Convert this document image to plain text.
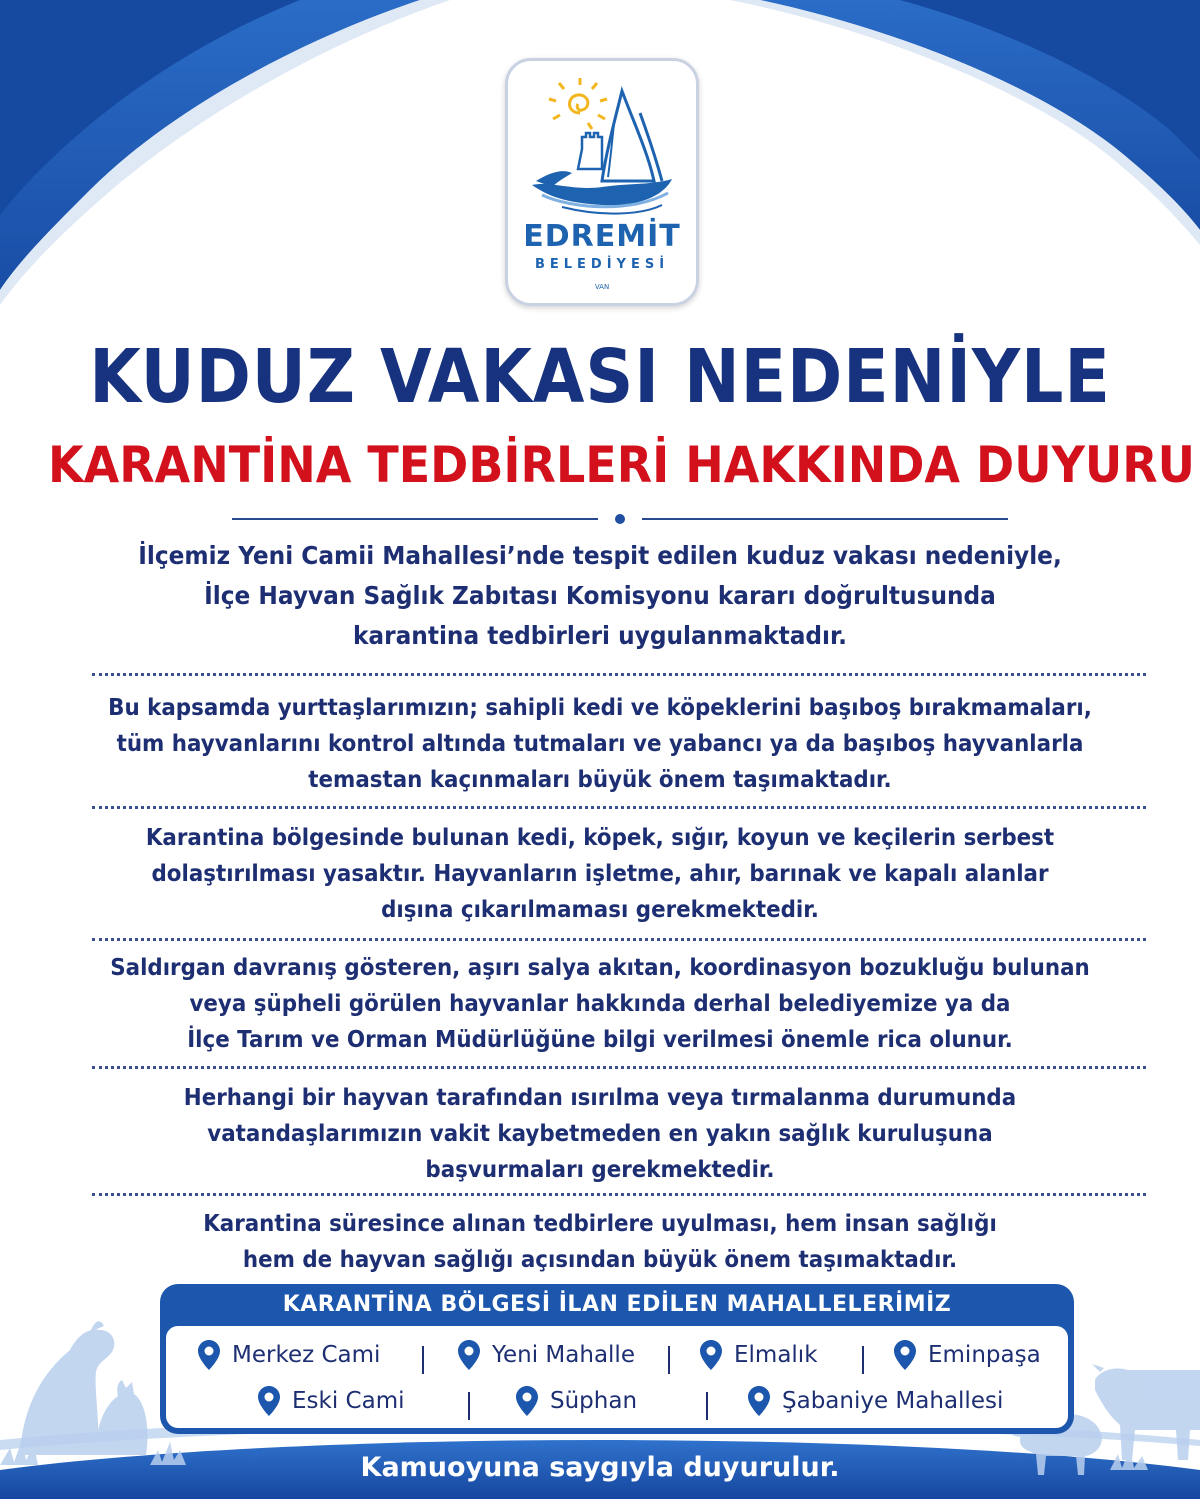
EDREMİT
BELEDİYESİ
VAN
KUDUZ VAKASI NEDENİYLE
KARANTİNA TEDBİRLERİ HAKKINDA DUYURU
İlçemiz Yeni Camii Mahallesi’nde tespit edilen kuduz vakası nedeniyle,
İlçe Hayvan Sağlık Zabıtası Komisyonu kararı doğrultusunda
karantina tedbirleri uygulanmaktadır.
Bu kapsamda yurttaşlarımızın; sahipli kedi ve köpeklerini başıboş bırakmamaları,
tüm hayvanlarını kontrol altında tutmaları ve yabancı ya da başıboş hayvanlarla
temastan kaçınmaları büyük önem taşımaktadır.
Karantina bölgesinde bulunan kedi, köpek, sığır, koyun ve keçilerin serbest
dolaştırılması yasaktır. Hayvanların işletme, ahır, barınak ve kapalı alanlar
dışına çıkarılmaması gerekmektedir.
Saldırgan davranış gösteren, aşırı salya akıtan, koordinasyon bozukluğu bulunan
veya şüpheli görülen hayvanlar hakkında derhal belediyemize ya da
İlçe Tarım ve Orman Müdürlüğüne bilgi verilmesi önemle rica olunur.
Herhangi bir hayvan tarafından ısırılma veya tırmalanma durumunda
vatandaşlarımızın vakit kaybetmeden en yakın sağlık kuruluşuna
başvurmaları gerekmektedir.
Karantina süresince alınan tedbirlere uyulması, hem insan sağlığı
hem de hayvan sağlığı açısından büyük önem taşımaktadır.
KARANTİNA BÖLGESİ İLAN EDİLEN MAHALLELERİMİZ
Merkez Cami	Yeni Mahalle	Elmalık	Eminpaşa
Eski Cami	Süphan	Şabaniye Mahallesi
Kamuoyuna saygıyla duyurulur.
